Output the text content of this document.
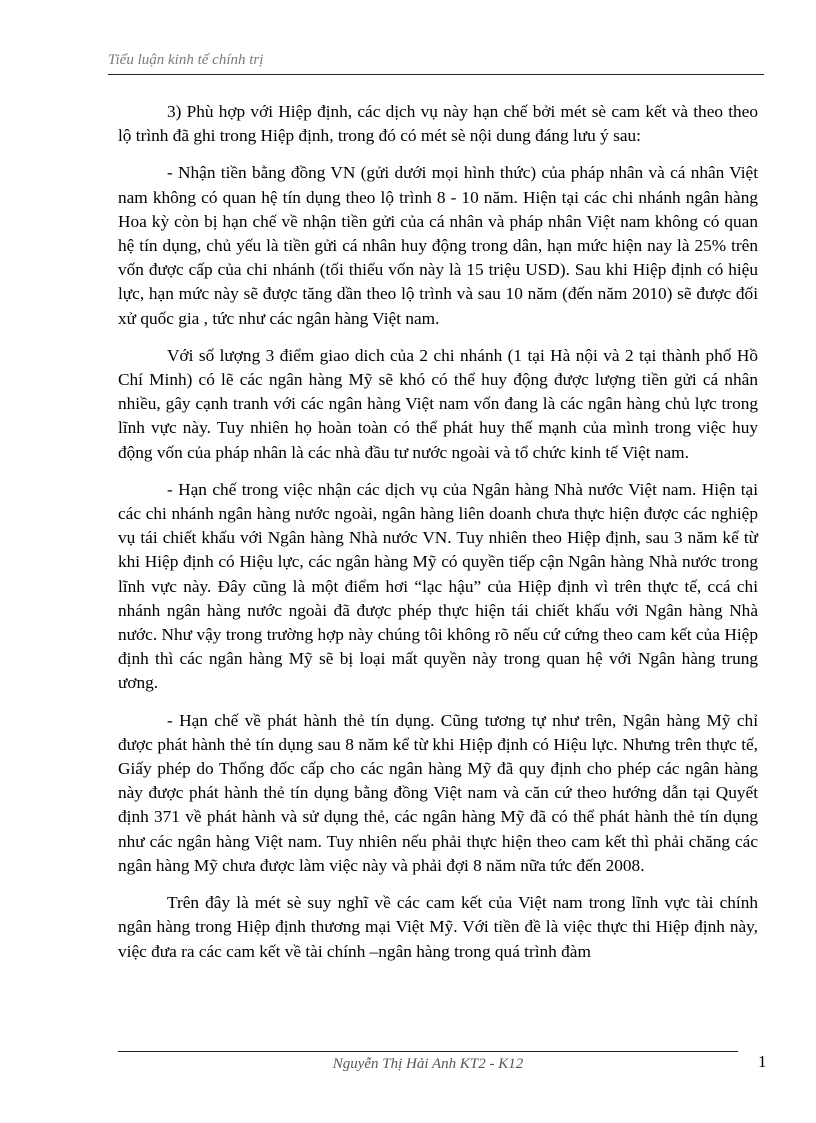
Tiểu luận kinh tế chính trị

3) Phù hợp với Hiệp định, các dịch vụ này hạn chế bởi mét sè cam kết và theo theo lộ trình đã ghi trong Hiệp định, trong đó có mét sè nội dung đáng lưu ý sau:

- Nhận tiền bằng đồng VN (gửi dưới mọi hình thức) của pháp nhân và cá nhân Việt nam không có quan hệ tín dụng theo lộ trình 8 - 10 năm. Hiện tại các chi nhánh ngân hàng Hoa kỳ còn bị hạn chế về nhận tiền gửi của cá nhân và pháp nhân Việt nam không có quan hệ tín dụng, chủ yếu là tiền gửi cá nhân huy động trong dân, hạn mức hiện nay là 25% trên vốn được cấp của chi nhánh (tối thiểu vốn này là 15 triệu USD). Sau khi Hiệp định có hiệu lực, hạn mức này sẽ được tăng dần theo lộ trình và sau 10 năm (đến năm 2010) sẽ được đối xử quốc gia , tức như các ngân hàng Việt nam.

Với số lượng 3 điểm giao dich của 2 chi nhánh (1 tại Hà nội và 2 tại thành phố Hồ Chí Minh) có lẽ các ngân hàng Mỹ sẽ khó có thể huy động được lượng tiền gửi cá nhân nhiều, gây cạnh tranh với các ngân hàng Việt nam vốn đang là các ngân hàng chủ lực trong lĩnh vực này. Tuy nhiên họ hoàn toàn có thể phát huy thế mạnh của mình trong việc huy động vốn của pháp nhân là các nhà đầu tư nước ngoài và tổ chức kinh tế Việt nam.

- Hạn chế trong việc nhận các dịch vụ của Ngân hàng Nhà nước Việt nam. Hiện tại các chi nhánh ngân hàng nước ngoài, ngân hàng liên doanh chưa thực hiện được các nghiệp vụ tái chiết khấu với Ngân hàng Nhà nước VN. Tuy nhiên theo Hiệp định, sau 3 năm kể từ khi Hiệp định có Hiệu lực, các ngân hàng Mỹ có quyền tiếp cận Ngân hàng Nhà nước trong lĩnh vực này. Đây cũng là một điểm hơi “lạc hậu” của Hiệp định vì trên thực tế, ccá chi nhánh ngân hàng nước ngoài đã được phép thực hiện tái chiết khấu với Ngân hàng Nhà nước. Như vậy trong trường hợp này chúng tôi không rõ nếu cứ cứng theo cam kết của Hiệp định thì các ngân hàng Mỹ sẽ bị loại mất quyền này trong quan hệ với Ngân hàng trung ương.

- Hạn chế về phát hành thẻ tín dụng. Cũng tương tự như trên, Ngân hàng Mỹ chỉ được phát hành thẻ tín dụng sau 8 năm kể từ khi Hiệp định có Hiệu lực. Nhưng trên thực tế, Giấy phép do Thống đốc cấp cho các ngân hàng Mỹ đã quy định cho phép các ngân hàng này được phát hành thẻ tín dụng bằng đồng Việt nam và căn cứ theo hướng dẫn tại Quyết định 371 về phát hành và sử dụng thẻ, các ngân hàng Mỹ đã có thể phát hành thẻ tín dụng như các ngân hàng Việt nam. Tuy nhiên nếu phải thực hiện theo cam kết thì phải chăng các ngân hàng Mỹ chưa được làm việc này và phải đợi 8 năm nữa tức đến 2008.

Trên đây là mét sè suy nghĩ về các cam kết của Việt nam trong lĩnh vực tài chính ngân hàng trong Hiệp định thương mại Việt Mỹ. Với tiền đề là việc thực thi Hiệp định này, việc đưa ra các cam kết về tài chính –ngân hàng trong quá trình đàm

Nguyễn Thị Hải Anh KT2 - K12	1
